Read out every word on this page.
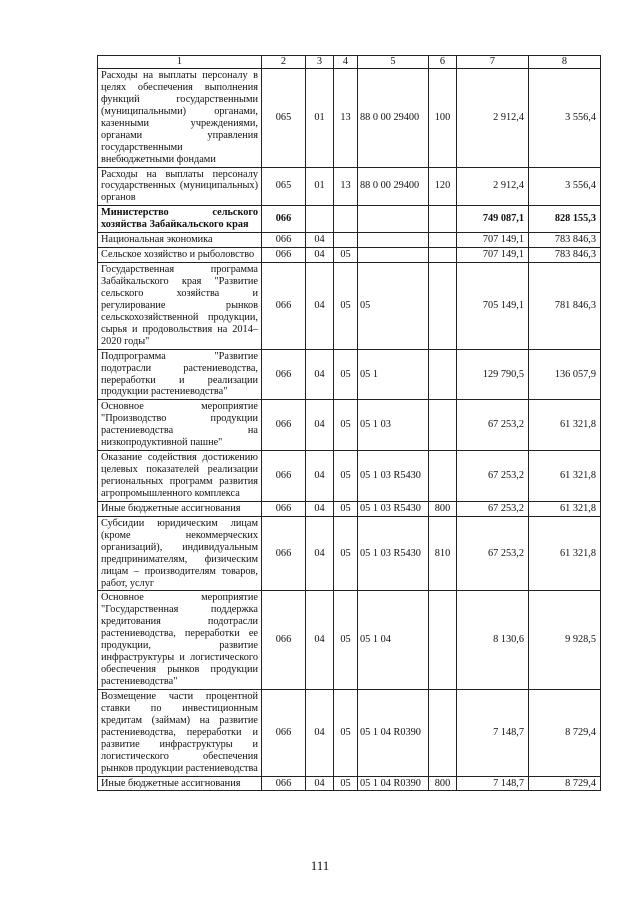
1	2	3	4	5	6	7	8
Расходы на выплаты персоналу в целях обеспечения выполнения функций государственными (муниципальными) органами, казенными учреждениями, органами управления государственными внебюджетными фондами	065	01	13	88 0 00 29400	100	2 912,4	3 556,4
Расходы на выплаты персоналу государственных (муниципальных) органов	065	01	13	88 0 00 29400	120	2 912,4	3 556,4
Министерство сельского хозяйства Забайкальского края	066					749 087,1	828 155,3
Национальная экономика	066	04				707 149,1	783 846,3
Сельское хозяйство и рыболовство	066	04	05			707 149,1	783 846,3
Государственная программа Забайкальского края "Развитие сельского хозяйства и регулирование рынков сельскохозяйственной продукции, сырья и продовольствия на 2014–2020 годы"	066	04	05	05		705 149,1	781 846,3
Подпрограмма "Развитие подотрасли растениеводства, переработки и реализации продукции растениеводства"	066	04	05	05 1		129 790,5	136 057,9
Основное мероприятие "Производство продукции растениеводства на низкопродуктивной пашне"	066	04	05	05 1 03		67 253,2	61 321,8
Оказание содействия достижению целевых показателей реализации региональных программ развития агропромышленного комплекса	066	04	05	05 1 03 R5430		67 253,2	61 321,8
Иные бюджетные ассигнования	066	04	05	05 1 03 R5430	800	67 253,2	61 321,8
Субсидии юридическим лицам (кроме некоммерческих организаций), индивидуальным предпринимателям, физическим лицам – производителям товаров, работ, услуг	066	04	05	05 1 03 R5430	810	67 253,2	61 321,8
Основное мероприятие "Государственная поддержка кредитования подотрасли растениеводства, переработки ее продукции, развитие инфраструктуры и логистического обеспечения рынков продукции растениеводства"	066	04	05	05 1 04		8 130,6	9 928,5
Возмещение части процентной ставки по инвестиционным кредитам (займам) на развитие растениеводства, переработки и развитие инфраструктуры и логистического обеспечения рынков продукции растениеводства	066	04	05	05 1 04 R0390		7 148,7	8 729,4
Иные бюджетные ассигнования	066	04	05	05 1 04 R0390	800	7 148,7	8 729,4
111
